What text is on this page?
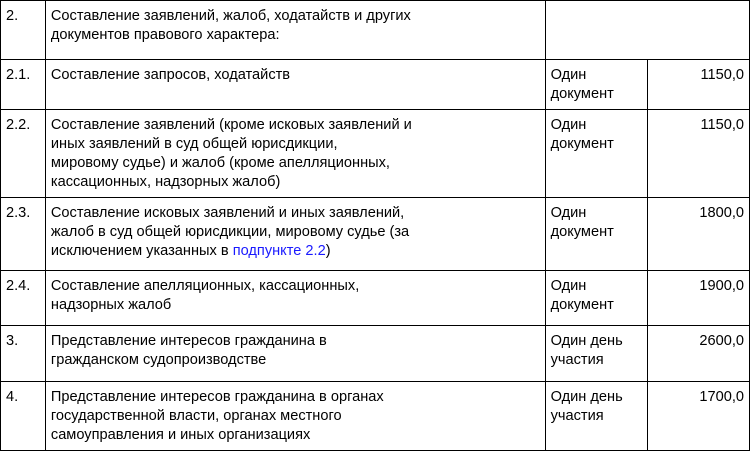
2.	Составление заявлений, жалоб, ходатайств и других
документов правового характера:		
2.1.	Составление запросов, ходатайств	Один документ	1150,0
2.2.	Составление заявлений (кроме исковых заявлений и
иных заявлений в суд общей юрисдикции,
мировому судье) и жалоб (кроме апелляционных,
кассационных, надзорных жалоб)	Один документ	1150,0
2.3.	Составление исковых заявлений и иных заявлений,
жалоб в суд общей юрисдикции, мировому судье (за
исключением указанных в подпункте 2.2)	Один документ	1800,0
2.4.	Составление апелляционных, кассационных,
надзорных жалоб	Один документ	1900,0
3.	Представление интересов гражданина в
гражданском судопроизводстве	Один день
участия	2600,0
4.	Представление интересов гражданина в органах
государственной власти, органах местного
самоуправления и иных организациях	Один день
участия	1700,0
